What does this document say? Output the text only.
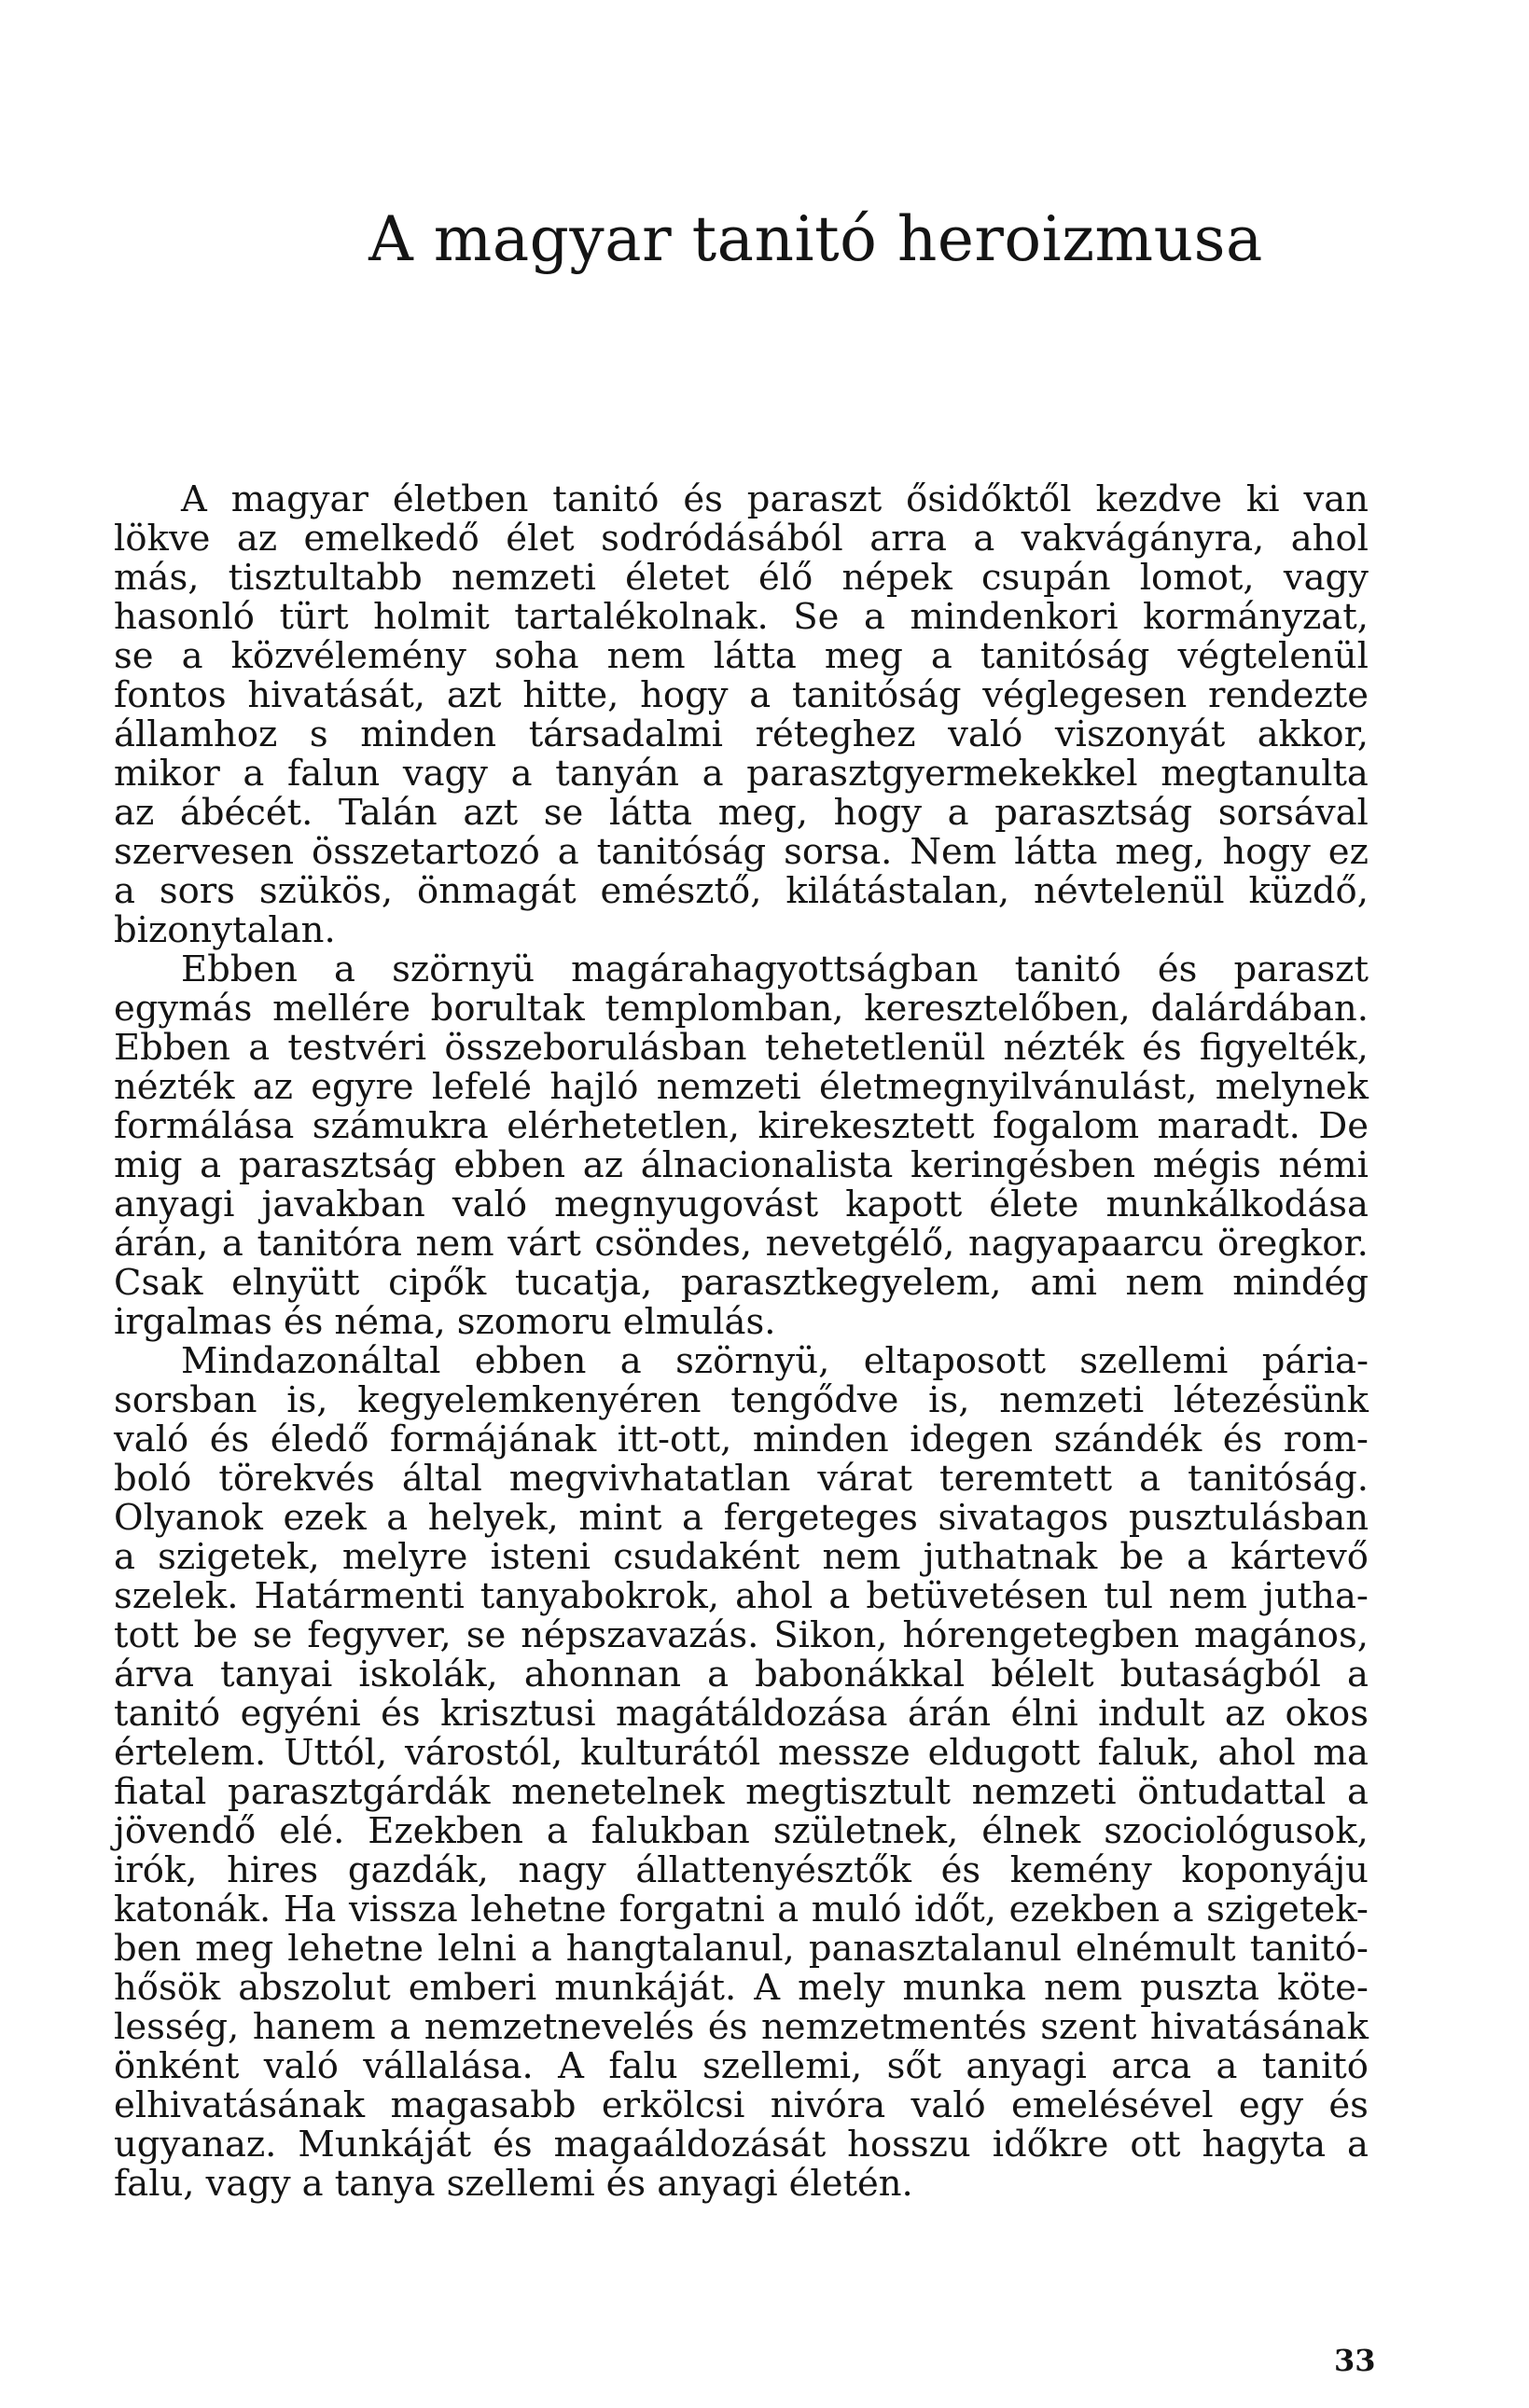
A magyar tanitó heroizmusa
A magyar életben tanitó és paraszt ősidőktől kezdve ki van
lökve az emelkedő élet sodródásából arra a vakvágányra, ahol
más, tisztultabb nemzeti életet élő népek csupán lomot, vagy
hasonló türt holmit tartalékolnak. Se a mindenkori kormányzat,
se a közvélemény soha nem látta meg a tanitóság végtelenül
fontos hivatását, azt hitte, hogy a tanitóság véglegesen rendezte
államhoz s minden társadalmi réteghez való viszonyát akkor,
mikor a falun vagy a tanyán a parasztgyermekekkel megtanulta
az ábécét. Talán azt se látta meg, hogy a parasztság sorsával
szervesen összetartozó a tanitóság sorsa. Nem látta meg, hogy ez
a sors szükös, önmagát emésztő, kilátástalan, névtelenül küzdő,
bizonytalan.
Ebben a szörnyü magárahagyottságban tanitó és paraszt
egymás mellére borultak templomban, keresztelőben, dalárdában.
Ebben a testvéri összeborulásban tehetetlenül nézték és figyelték,
nézték az egyre lefelé hajló nemzeti életmegnyilvánulást, melynek
formálása számukra elérhetetlen, kirekesztett fogalom maradt. De
mig a parasztság ebben az álnacionalista keringésben mégis némi
anyagi javakban való megnyugovást kapott élete munkálkodása
árán, a tanitóra nem várt csöndes, nevetgélő, nagyapaarcu öregkor.
Csak elnyütt cipők tucatja, parasztkegyelem, ami nem mindég
irgalmas és néma, szomoru elmulás.
Mindazonáltal ebben a szörnyü, eltaposott szellemi pária-
sorsban is, kegyelemkenyéren tengődve is, nemzeti létezésünk
való és éledő formájának itt-ott, minden idegen szándék és rom-
boló törekvés által megvivhatatlan várat teremtett a tanitóság.
Olyanok ezek a helyek, mint a fergeteges sivatagos pusztulásban
a szigetek, melyre isteni csudaként nem juthatnak be a kártevő
szelek. Határmenti tanyabokrok, ahol a betüvetésen tul nem jutha-
tott be se fegyver, se népszavazás. Sikon, hórengetegben magános,
árva tanyai iskolák, ahonnan a babonákkal bélelt butaságból a
tanitó egyéni és krisztusi magátáldozása árán élni indult az okos
értelem. Uttól, várostól, kulturától messze eldugott faluk, ahol ma
fiatal parasztgárdák menetelnek megtisztult nemzeti öntudattal a
jövendő elé. Ezekben a falukban születnek, élnek szociológusok,
irók, hires gazdák, nagy állattenyésztők és kemény koponyáju
katonák. Ha vissza lehetne forgatni a muló időt, ezekben a szigetek-
ben meg lehetne lelni a hangtalanul, panasztalanul elnémult tanitó-
hősök abszolut emberi munkáját. A mely munka nem puszta köte-
lesség, hanem a nemzetnevelés és nemzetmentés szent hivatásának
önként való vállalása. A falu szellemi, sőt anyagi arca a tanitó
elhivatásának magasabb erkölcsi nivóra való emelésével egy és
ugyanaz. Munkáját és magaáldozását hosszu időkre ott hagyta a
falu, vagy a tanya szellemi és anyagi életén.
33
